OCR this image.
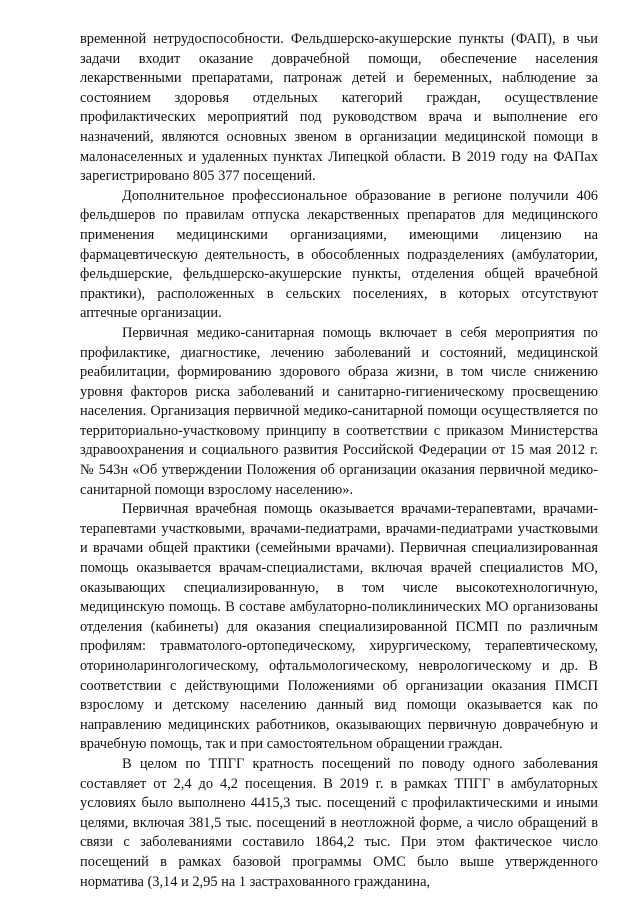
временной нетрудоспособности. Фельдшерско-акушерские пункты (ФАП), в чьи задачи входит оказание доврачебной помощи, обеспечение населения лекарственными препаратами, патронаж детей и беременных, наблюдение за состоянием здоровья отдельных категорий граждан, осуществление профилактических мероприятий под руководством врача и выполнение его назначений, являются основных звеном в организации медицинской помощи в малонаселенных и удаленных пунктах Липецкой области. В 2019 году на ФАПах зарегистрировано 805 377 посещений.

Дополнительное профессиональное образование в регионе получили 406 фельдшеров по правилам отпуска лекарственных препаратов для медицинского применения медицинскими организациями, имеющими лицензию на фармацевтическую деятельность, в обособленных подразделениях (амбулатории, фельдшерские, фельдшерско-акушерские пункты, отделения общей врачебной практики), расположенных в сельских поселениях, в которых отсутствуют аптечные организации.

Первичная медико-санитарная помощь включает в себя мероприятия по профилактике, диагностике, лечению заболеваний и состояний, медицинской реабилитации, формированию здорового образа жизни, в том числе снижению уровня факторов риска заболеваний и санитарно-гигиеническому просвещению населения. Организация первичной медико-санитарной помощи осуществляется по территориально-участковому принципу в соответствии с приказом Министерства здравоохранения и социального развития Российской Федерации от 15 мая 2012 г. № 543н «Об утверждении Положения об организации оказания первичной медико-санитарной помощи взрослому населению».

Первичная врачебная помощь оказывается врачами-терапевтами, врачами-терапевтами участковыми, врачами-педиатрами, врачами-педиатрами участковыми и врачами общей практики (семейными врачами). Первичная специализированная помощь оказывается врачам-специалистами, включая врачей специалистов МО, оказывающих специализированную, в том числе высокотехнологичную, медицинскую помощь. В составе амбулаторно-поликлинических МО организованы отделения (кабинеты) для оказания специализированной ПСМП по различным профилям: травматолого-ортопедическому, хирургическому, терапевтическому, оториноларингологическому, офтальмологическому, неврологическому и др. В соответствии с действующими Положениями об организации оказания ПМСП взрослому и детскому населению данный вид помощи оказывается как по направлению медицинских работников, оказывающих первичную доврачебную и врачебную помощь, так и при самостоятельном обращении граждан.

В целом по ТПГГ кратность посещений по поводу одного заболевания составляет от 2,4 до 4,2 посещения. В 2019 г. в рамках ТПГГ в амбулаторных условиях было выполнено 4415,3 тыс. посещений с профилактическими и иными целями, включая 381,5 тыс. посещений в неотложной форме, а число обращений в связи с заболеваниями составило 1864,2 тыс. При этом фактическое число посещений в рамках базовой программы ОМС было выше утвержденного норматива (3,14 и 2,95 на 1 застрахованного гражданина,
